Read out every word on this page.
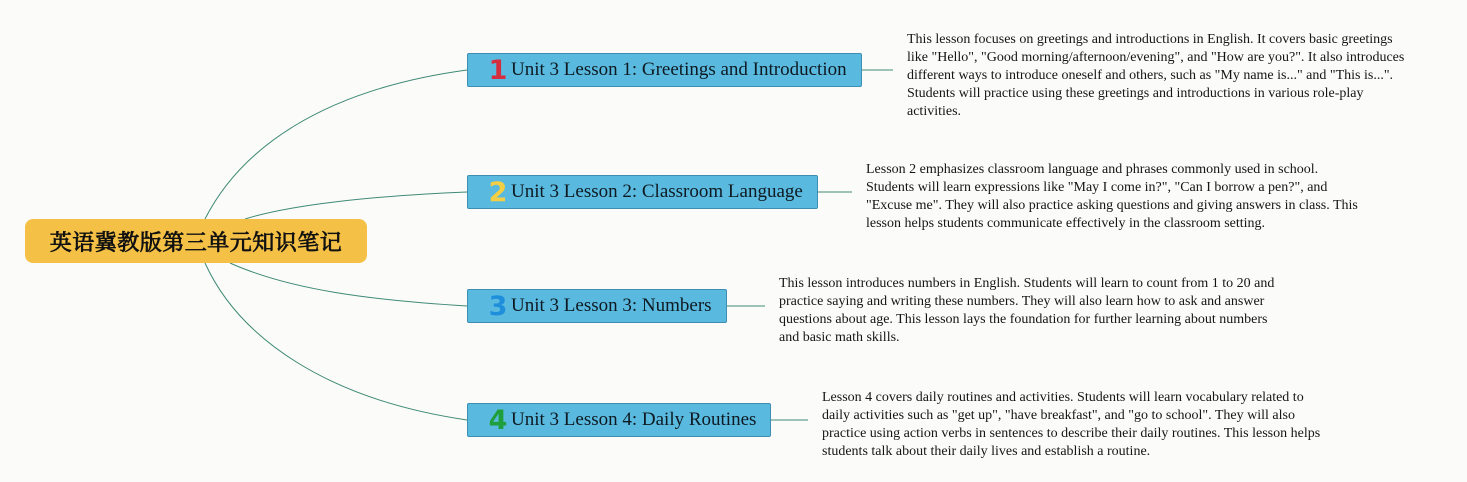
英语冀教版第三单元知识笔记
1 Unit 3 Lesson 1: Greetings and Introduction
This lesson focuses on greetings and introductions in English. It covers basic greetings like "Hello", "Good morning/afternoon/evening", and "How are you?". It also introduces different ways to introduce oneself and others, such as "My name is..." and "This is...". Students will practice using these greetings and introductions in various role-play activities.
2 Unit 3 Lesson 2: Classroom Language
Lesson 2 emphasizes classroom language and phrases commonly used in school. Students will learn expressions like "May I come in?", "Can I borrow a pen?", and "Excuse me". They will also practice asking questions and giving answers in class. This lesson helps students communicate effectively in the classroom setting.
3 Unit 3 Lesson 3: Numbers
This lesson introduces numbers in English. Students will learn to count from 1 to 20 and practice saying and writing these numbers. They will also learn how to ask and answer questions about age. This lesson lays the foundation for further learning about numbers and basic math skills.
4 Unit 3 Lesson 4: Daily Routines
Lesson 4 covers daily routines and activities. Students will learn vocabulary related to daily activities such as "get up", "have breakfast", and "go to school". They will also practice using action verbs in sentences to describe their daily routines. This lesson helps students talk about their daily lives and establish a routine.
